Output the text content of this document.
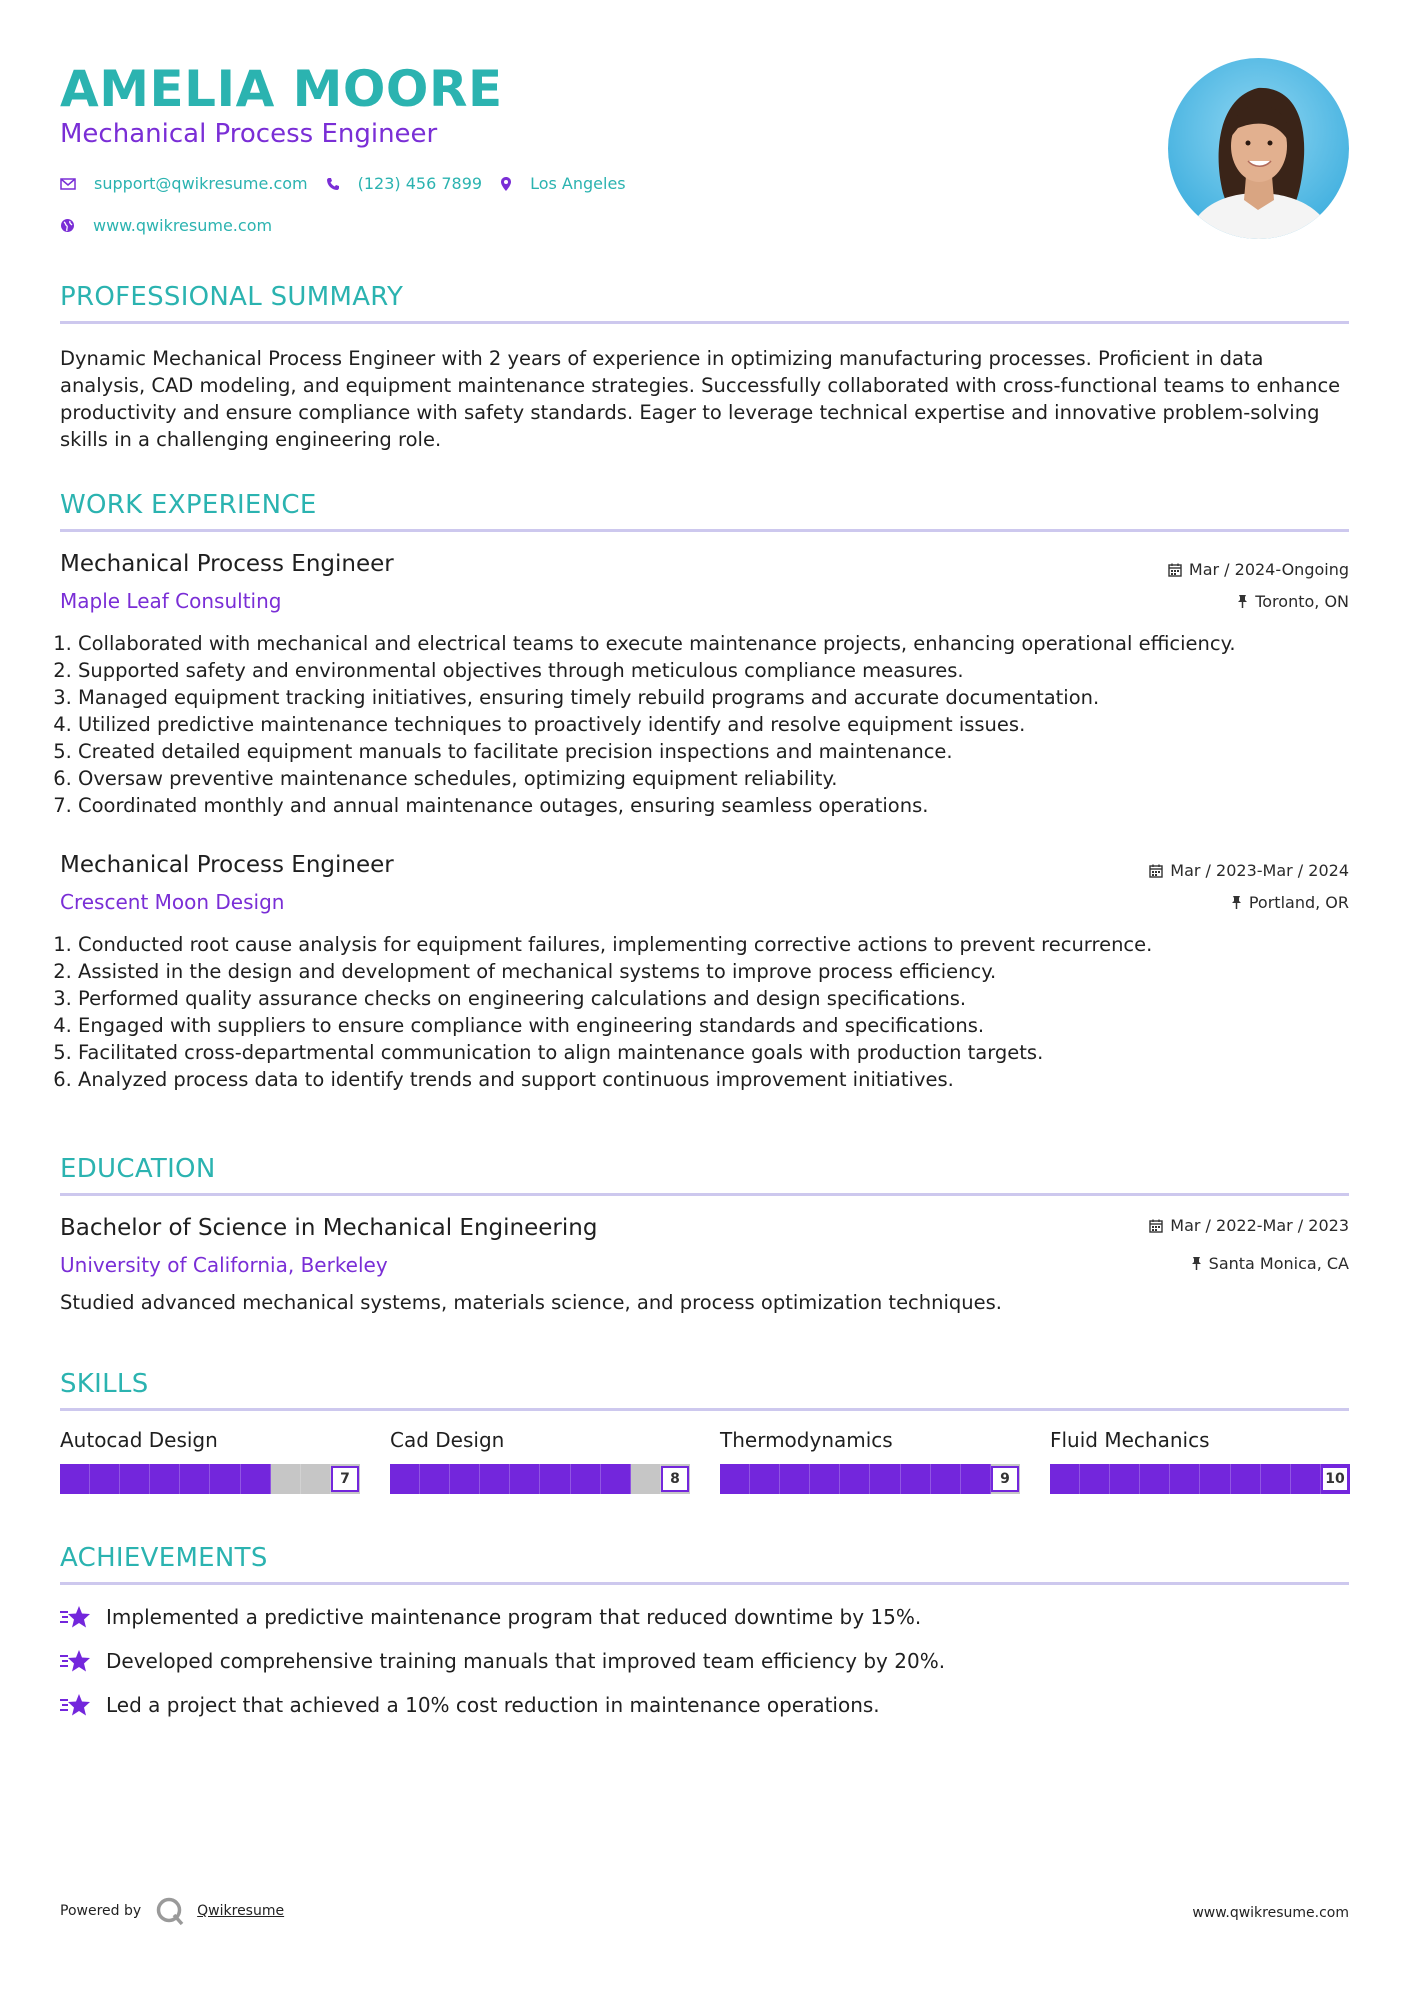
AMELIA MOORE
Mechanical Process Engineer
support@qwikresume.com	(123) 456 7899	Los Angeles
www.qwikresume.com
PROFESSIONAL SUMMARY
Dynamic Mechanical Process Engineer with 2 years of experience in optimizing manufacturing processes. Proficient in data analysis, CAD modeling, and equipment maintenance strategies. Successfully collaborated with cross-functional teams to enhance productivity and ensure compliance with safety standards. Eager to leverage technical expertise and innovative problem-solving skills in a challenging engineering role.
WORK EXPERIENCE
Mechanical Process Engineer	Mar / 2024-Ongoing
Maple Leaf Consulting	Toronto, ON
1. Collaborated with mechanical and electrical teams to execute maintenance projects, enhancing operational efficiency.
2. Supported safety and environmental objectives through meticulous compliance measures.
3. Managed equipment tracking initiatives, ensuring timely rebuild programs and accurate documentation.
4. Utilized predictive maintenance techniques to proactively identify and resolve equipment issues.
5. Created detailed equipment manuals to facilitate precision inspections and maintenance.
6. Oversaw preventive maintenance schedules, optimizing equipment reliability.
7. Coordinated monthly and annual maintenance outages, ensuring seamless operations.
Mechanical Process Engineer	Mar / 2023-Mar / 2024
Crescent Moon Design	Portland, OR
1. Conducted root cause analysis for equipment failures, implementing corrective actions to prevent recurrence.
2. Assisted in the design and development of mechanical systems to improve process efficiency.
3. Performed quality assurance checks on engineering calculations and design specifications.
4. Engaged with suppliers to ensure compliance with engineering standards and specifications.
5. Facilitated cross-departmental communication to align maintenance goals with production targets.
6. Analyzed process data to identify trends and support continuous improvement initiatives.
EDUCATION
Bachelor of Science in Mechanical Engineering	Mar / 2022-Mar / 2023
University of California, Berkeley	Santa Monica, CA
Studied advanced mechanical systems, materials science, and process optimization techniques.
SKILLS
Autocad Design
7
Cad Design
8
Thermodynamics
9
Fluid Mechanics
10
ACHIEVEMENTS
Implemented a predictive maintenance program that reduced downtime by 15%.
Developed comprehensive training manuals that improved team efficiency by 20%.
Led a project that achieved a 10% cost reduction in maintenance operations.
Powered by	Qwikresume	www.qwikresume.com
